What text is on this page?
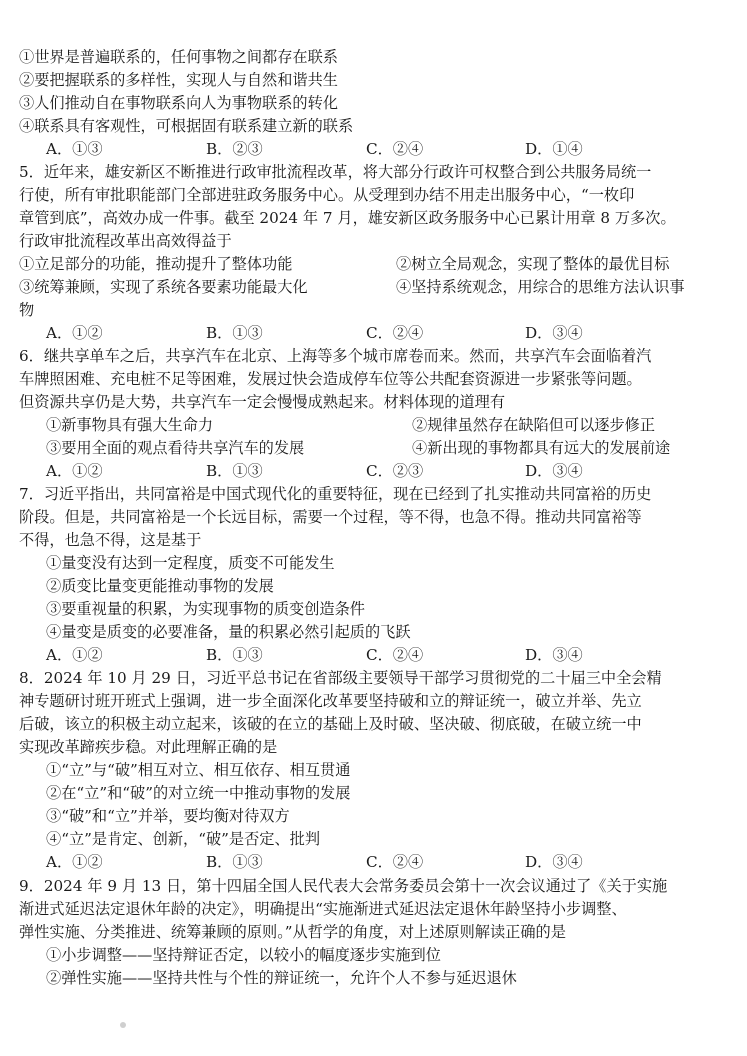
①世界是普遍联系的，任何事物之间都存在联系
②要把握联系的多样性，实现人与自然和谐共生
③人们推动自在事物联系向人为事物联系的转化
④联系具有客观性，可根据固有联系建立新的联系
A．①③	B．②③	C．②④	D．①④
5．近年来，雄安新区不断推进行政审批流程改革，将大部分行政许可权整合到公共服务局统一
行使，所有审批职能部门全部进驻政务服务中心。从受理到办结不用走出服务中心，“一枚印
章管到底”，高效办成一件事。截至 2024 年 7 月，雄安新区政务服务中心已累计用章 8 万多次。
行政审批流程改革出高效得益于
①立足部分的功能，推动提升了整体功能	②树立全局观念，实现了整体的最优目标
③统筹兼顾，实现了系统各要素功能最大化	④坚持系统观念，用综合的思维方法认识事
物
A．①②	B．①③	C．②④	D．③④
6．继共享单车之后，共享汽车在北京、上海等多个城市席卷而来。然而，共享汽车会面临着汽
车牌照困难、充电桩不足等困难，发展过快会造成停车位等公共配套资源进一步紧张等问题。
但资源共享仍是大势，共享汽车一定会慢慢成熟起来。材料体现的道理有
①新事物具有强大生命力	②规律虽然存在缺陷但可以逐步修正
③要用全面的观点看待共享汽车的发展	④新出现的事物都具有远大的发展前途
A．①②	B．①③	C．②③	D．③④
7．习近平指出，共同富裕是中国式现代化的重要特征，现在已经到了扎实推动共同富裕的历史
阶段。但是，共同富裕是一个长远目标，需要一个过程，等不得，也急不得。推动共同富裕等
不得，也急不得，这是基于
①量变没有达到一定程度，质变不可能发生
②质变比量变更能推动事物的发展
③要重视量的积累，为实现事物的质变创造条件
④量变是质变的必要准备，量的积累必然引起质的飞跃
A．①②	B．①③	C．②④	D．③④
8．2024 年 10 月 29 日，习近平总书记在省部级主要领导干部学习贯彻党的二十届三中全会精
神专题研讨班开班式上强调，进一步全面深化改革要坚持破和立的辩证统一，破立并举、先立
后破，该立的积极主动立起来，该破的在立的基础上及时破、坚决破、彻底破，在破立统一中
实现改革蹄疾步稳。对此理解正确的是
①“立”与“破”相互对立、相互依存、相互贯通
②在“立”和“破”的对立统一中推动事物的发展
③“破”和“立”并举，要均衡对待双方
④“立”是肯定、创新，“破”是否定、批判
A．①②	B．①③	C．②④	D．③④
9．2024 年 9 月 13 日，第十四届全国人民代表大会常务委员会第十一次会议通过了《关于实施
渐进式延迟法定退休年龄的决定》，明确提出“实施渐进式延迟法定退休年龄坚持小步调整、
弹性实施、分类推进、统筹兼顾的原则。”从哲学的角度，对上述原则解读正确的是
①小步调整——坚持辩证否定，以较小的幅度逐步实施到位
②弹性实施——坚持共性与个性的辩证统一，允许个人不参与延迟退休
